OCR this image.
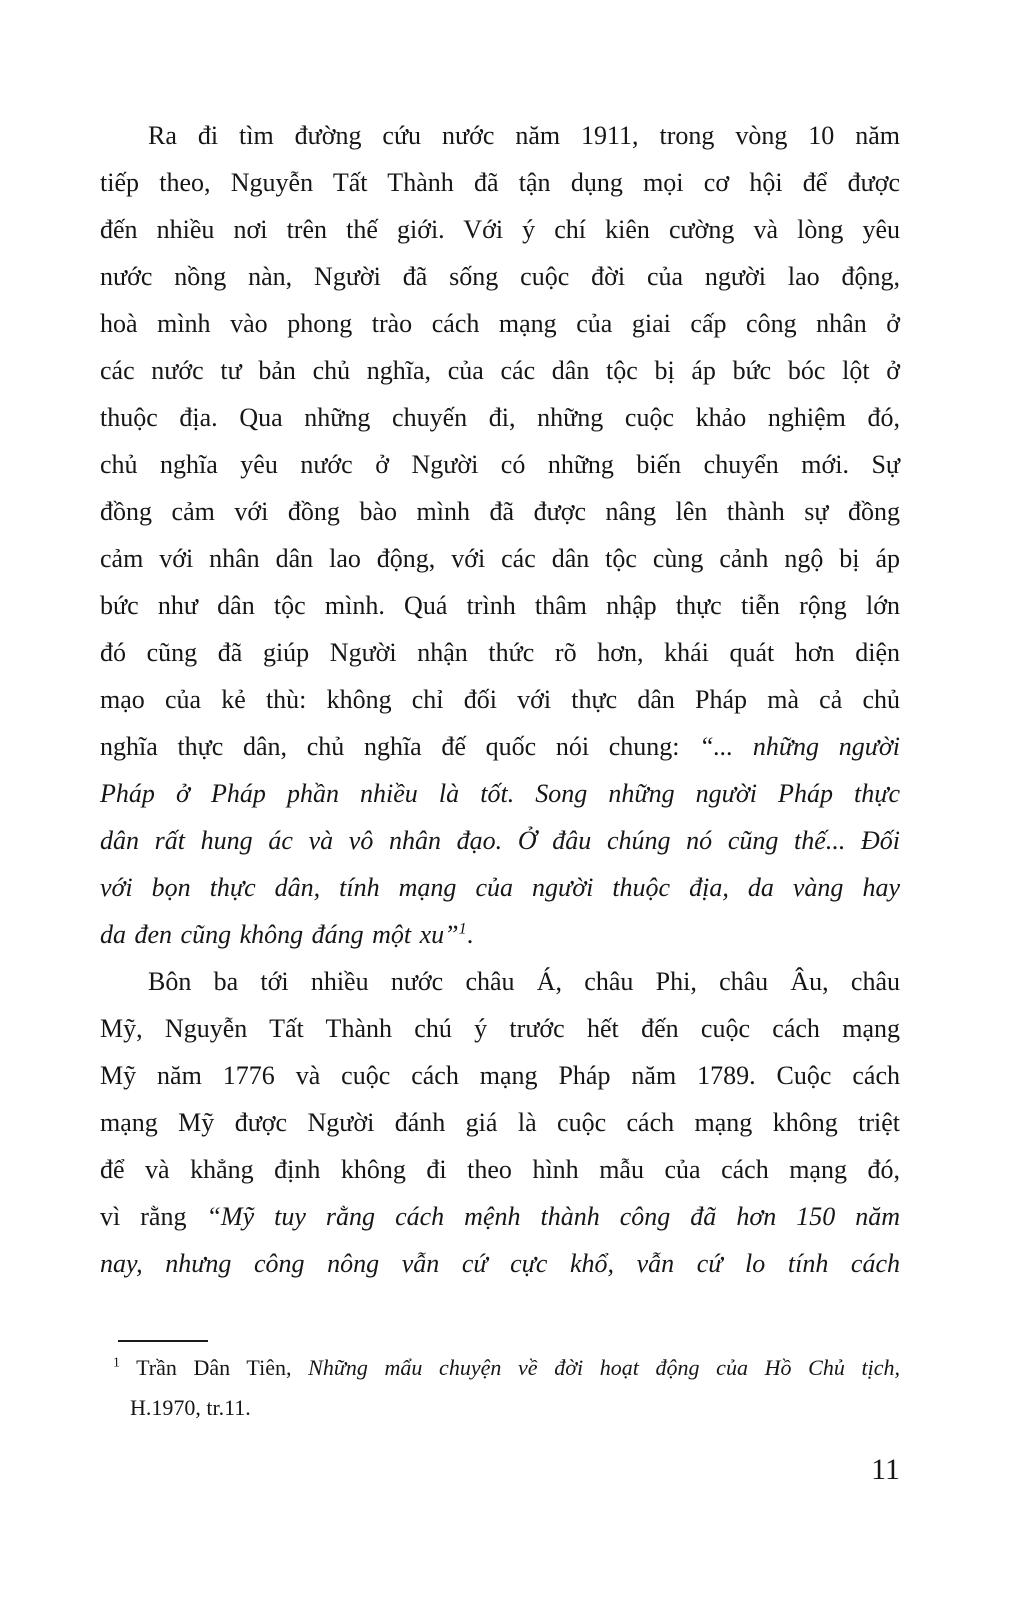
Ra đi tìm đường cứu nước năm 1911, trong vòng 10 năm
tiếp theo, Nguyễn Tất Thành đã tận dụng mọi cơ hội để được
đến nhiều nơi trên thế giới. Với ý chí kiên cường và lòng yêu
nước nồng nàn, Người đã sống cuộc đời của người lao động,
hoà mình vào phong trào cách mạng của giai cấp công nhân ở
các nước tư bản chủ nghĩa, của các dân tộc bị áp bức bóc lột ở
thuộc địa. Qua những chuyến đi, những cuộc khảo nghiệm đó,
chủ nghĩa yêu nước ở Người có những biến chuyển mới. Sự
đồng cảm với đồng bào mình đã được nâng lên thành sự đồng
cảm với nhân dân lao động, với các dân tộc cùng cảnh ngộ bị áp
bức như dân tộc mình. Quá trình thâm nhập thực tiễn rộng lớn
đó cũng đã giúp Người nhận thức rõ hơn, khái quát hơn diện
mạo của kẻ thù: không chỉ đối với thực dân Pháp mà cả chủ
nghĩa thực dân, chủ nghĩa đế quốc nói chung: “... những người
Pháp ở Pháp phần nhiều là tốt. Song những người Pháp thực
dân rất hung ác và vô nhân đạo. Ở đâu chúng nó cũng thế... Đối
với bọn thực dân, tính mạng của người thuộc địa, da vàng hay
da đen cũng không đáng một xu”$^1$.
Bôn ba tới nhiều nước châu Á, châu Phi, châu Âu, châu
Mỹ, Nguyễn Tất Thành chú ý trước hết đến cuộc cách mạng
Mỹ năm 1776 và cuộc cách mạng Pháp năm 1789. Cuộc cách
mạng Mỹ được Người đánh giá là cuộc cách mạng không triệt
để và khẳng định không đi theo hình mẫu của cách mạng đó,
vì rằng “Mỹ tuy rằng cách mệnh thành công đã hơn 150 năm
nay, nhưng công nông vẫn cứ cực khổ, vẫn cứ lo tính cách
$^1$ Trần Dân Tiên, Những mẩu chuyện về đời hoạt động của Hồ Chủ tịch,
H.1970, tr.11.
11
